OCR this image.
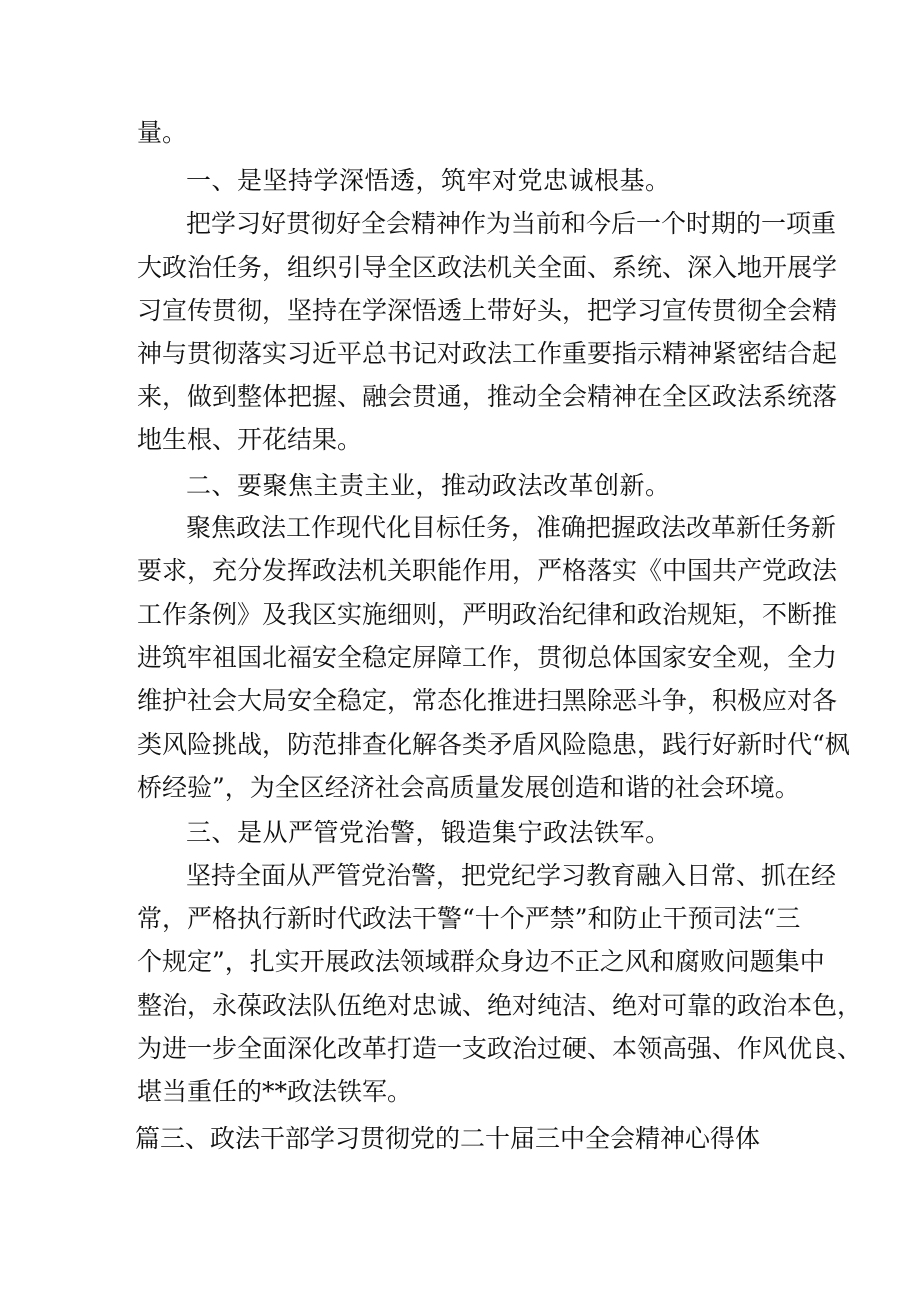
量。
一、是坚持学深悟透，筑牢对党忠诚根基。
把学习好贯彻好全会精神作为当前和今后一个时期的一项重
大政治任务，组织引导全区政法机关全面、系统、深入地开展学
习宣传贯彻，坚持在学深悟透上带好头，把学习宣传贯彻全会精
神与贯彻落实习近平总书记对政法工作重要指示精神紧密结合起
来，做到整体把握、融会贯通，推动全会精神在全区政法系统落
地生根、开花结果。
二、要聚焦主责主业，推动政法改革创新。
聚焦政法工作现代化目标任务，准确把握政法改革新任务新
要求，充分发挥政法机关职能作用，严格落实《中国共产党政法
工作条例》及我区实施细则，严明政治纪律和政治规矩，不断推
进筑牢祖国北福安全稳定屏障工作，贯彻总体国家安全观，全力
维护社会大局安全稳定，常态化推进扫黑除恶斗争，积极应对各
类风险挑战，防范排查化解各类矛盾风险隐患，践行好新时代“枫
桥经验”，为全区经济社会高质量发展创造和谐的社会环境。
三、是从严管党治警，锻造集宁政法铁军。
坚持全面从严管党治警，把党纪学习教育融入日常、抓在经
常，严格执行新时代政法干警“十个严禁”和防止干预司法“三
个规定”，扎实开展政法领域群众身边不正之风和腐败问题集中
整治，永葆政法队伍绝对忠诚、绝对纯洁、绝对可靠的政治本色，
为进一步全面深化改革打造一支政治过硬、本领高强、作风优良、
堪当重任的**政法铁军。
篇三、政法干部学习贯彻党的二十届三中全会精神心得体
